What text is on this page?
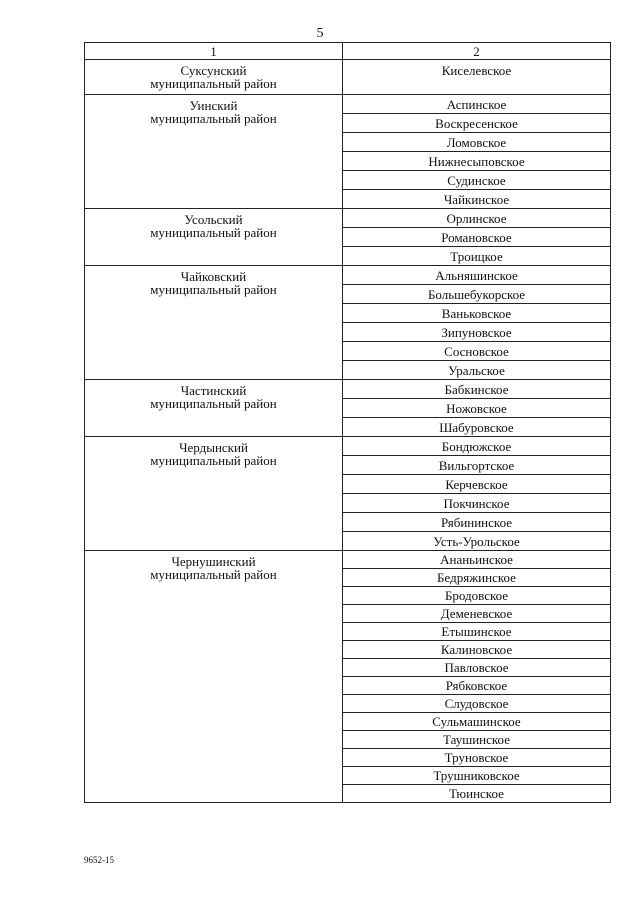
5
1	2

Суксунский
муниципальный район	Киселевское

Уинский
муниципальный район	Аспинское
	Воскресенское
	Ломовское
	Нижнесыповское
	Судинское
	Чайкинское

Усольский
муниципальный район	Орлинское
	Романовское
	Троицкое

Чайковский
муниципальный район	Альняшинское
	Большебукорское
	Ваньковское
	Зипуновское
	Сосновское
	Уральское

Частинский
муниципальный район	Бабкинское
	Ножовское
	Шабуровское

Чердынский
муниципальный район	Бондюжское
	Вильгортское
	Керчевское
	Покчинское
	Рябининское
	Усть-Урольское

Чернушинский
муниципальный район	Ананьинское
	Бедряжинское
	Бродовское
	Деменевское
	Етышинское
	Калиновское
	Павловское
	Рябковское
	Слудовское
	Сульмашинское
	Таушинское
	Труновское
	Трушниковское
	Тюинское
9652-15
